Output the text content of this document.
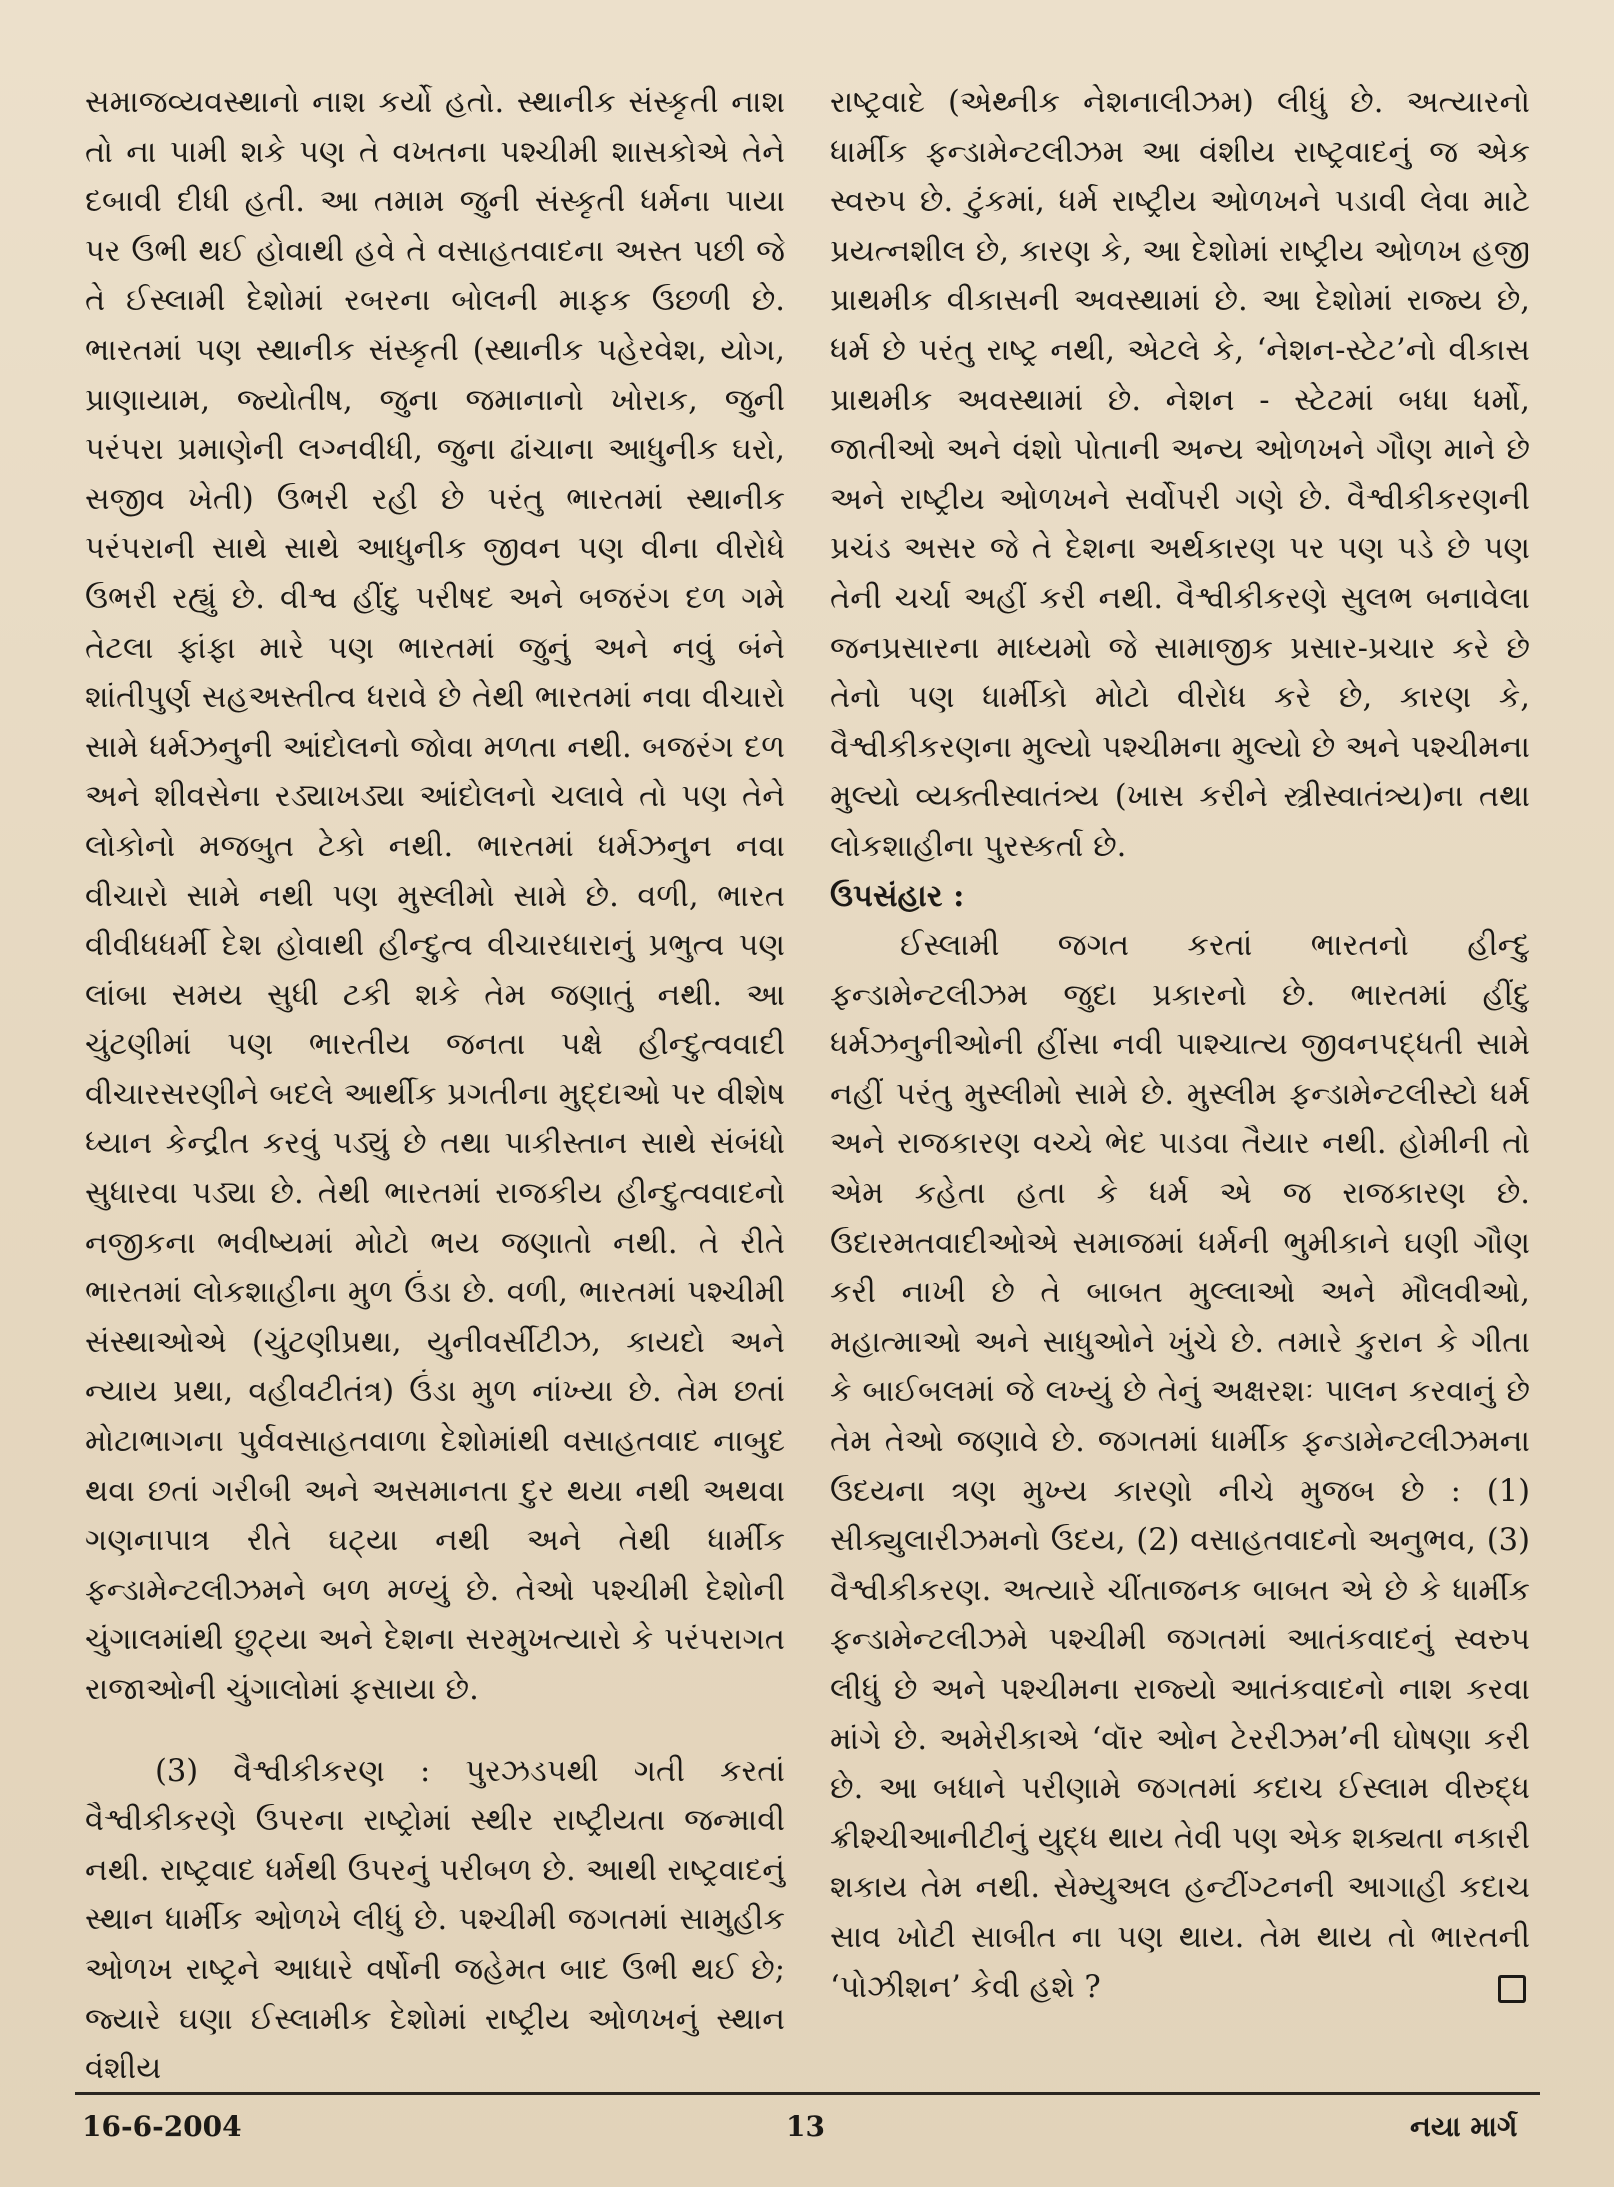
સમાજવ્યવસ્થાનો નાશ કર્યો હતો. સ્થાનીક સંસ્કૃતી નાશ તો ના પામી શકે પણ તે વખતના પશ્ચીમી શાસકોએ તેને દબાવી દીધી હતી. આ તમામ જુની સંસ્કૃતી ધર્મના પાયા પર ઉભી થઈ હોવાથી હવે તે વસાહતવાદના અસ્ત પછી જે તે ઈસ્લામી દેશોમાં રબરના બોલની માફક ઉછળી છે. ભારતમાં પણ સ્થાનીક સંસ્કૃતી (સ્થાનીક પહેરવેશ, યોગ, પ્રાણાયામ, જ્યોતીષ, જુના જમાનાનો ખોરાક, જુની પરંપરા પ્રમાણેની લગ્નવીધી, જુના ઢાંચાના આધુનીક ઘરો, સજીવ ખેતી) ઉભરી રહી છે પરંતુ ભારતમાં સ્થાનીક પરંપરાની સાથે સાથે આધુનીક જીવન પણ વીના વીરોધે ઉભરી રહ્યું છે. વીશ્વ હીંદુ પરીષદ અને બજરંગ દળ ગમે તેટલા ફાંફા મારે પણ ભારતમાં જુનું અને નવું બંને શાંતીપુર્ણ સહઅસ્તીત્વ ધરાવે છે તેથી ભારતમાં નવા વીચારો સામે ધર્મઝનુની આંદોલનો જોવા મળતા નથી. બજરંગ દળ અને શીવસેના રડ્યાખડ્યા આંદોલનો ચલાવે તો પણ તેને લોકોનો મજબુત ટેકો નથી. ભારતમાં ધર્મઝનુન નવા વીચારો સામે નથી પણ મુસ્લીમો સામે છે. વળી, ભારત વીવીધધર્મી દેશ હોવાથી હીન્દુત્વ વીચારધારાનું પ્રભુત્વ પણ લાંબા સમય સુધી ટકી શકે તેમ જણાતું નથી. આ ચુંટણીમાં પણ ભારતીય જનતા પક્ષે હીન્દુત્વવાદી વીચારસરણીને બદલે આર્થીક પ્રગતીના મુદ્દાઓ પર વીશેષ ધ્યાન કેન્દ્રીત કરવું પડ્યું છે તથા પાકીસ્તાન સાથે સંબંધો સુધારવા પડ્યા છે. તેથી ભારતમાં રાજકીય હીન્દુત્વવાદનો નજીકના ભવીષ્યમાં મોટો ભય જણાતો નથી. તે રીતે ભારતમાં લોકશાહીના મુળ ઉંડા છે. વળી, ભારતમાં પશ્ચીમી સંસ્થાઓએ (ચુંટણીપ્રથા, યુનીવર્સીટીઝ, કાયદો અને ન્યાય પ્રથા, વહીવટીતંત્ર) ઉંડા મુળ નાંખ્યા છે. તેમ છતાં મોટાભાગના પુર્વવસાહતવાળા દેશોમાંથી વસાહતવાદ નાબુદ થવા છતાં ગરીબી અને અસમાનતા દુર થયા નથી અથવા ગણનાપાત્ર રીતે ઘટ્યા નથી અને તેથી ધાર્મીક ફન્ડામેન્ટલીઝમને બળ મળ્યું છે. તેઓ પશ્ચીમી દેશોની ચુંગાલમાંથી છુટ્યા અને દેશના સરમુખત્યારો કે પરંપરાગત રાજાઓની ચુંગાલોમાં ફસાયા છે.

(3) વૈશ્વીકીકરણ : પુરઝડપથી ગતી કરતાં વૈશ્વીકીકરણે ઉપરના રાષ્ટ્રોમાં સ્થીર રાષ્ટ્રીયતા જન્માવી નથી. રાષ્ટ્રવાદ ધર્મથી ઉપરનું પરીબળ છે. આથી રાષ્ટ્રવાદનું સ્થાન ધાર્મીક ઓળખે લીધું છે. પશ્ચીમી જગતમાં સામુહીક ઓળખ રાષ્ટ્રને આધારે વર્ષોની જહેમત બાદ ઉભી થઈ છે; જ્યારે ઘણા ઈસ્લામીક દેશોમાં રાષ્ટ્રીય ઓળખનું સ્થાન વંશીય

રાષ્ટ્રવાદે (એથ્નીક નેશનાલીઝમ) લીધું છે. અત્યારનો ધાર્મીક ફન્ડામેન્ટલીઝમ આ વંશીય રાષ્ટ્રવાદનું જ એક સ્વરુપ છે. ટુંકમાં, ધર્મ રાષ્ટ્રીય ઓળખને પડાવી લેવા માટે પ્રયત્નશીલ છે, કારણ કે, આ દેશોમાં રાષ્ટ્રીય ઓળખ હજી પ્રાથમીક વીકાસની અવસ્થામાં છે. આ દેશોમાં રાજ્ય છે, ધર્મ છે પરંતુ રાષ્ટ્ર નથી, એટલે કે, ‘નેશન-સ્ટેટ’નો વીકાસ પ્રાથમીક અવસ્થામાં છે. નેશન - સ્ટેટમાં બધા ધર્મો, જાતીઓ અને વંશો પોતાની અન્ય ઓળખને ગૌણ માને છે અને રાષ્ટ્રીય ઓળખને સર્વોપરી ગણે છે. વૈશ્વીકીકરણની પ્રચંડ અસર જે તે દેશના અર્થકારણ પર પણ પડે છે પણ તેની ચર્ચા અહીં કરી નથી. વૈશ્વીકીકરણે સુલભ બનાવેલા જનપ્રસારના માધ્યમો જે સામાજીક પ્રસાર-પ્રચાર કરે છે તેનો પણ ધાર્મીકો મોટો વીરોધ કરે છે, કારણ કે, વૈશ્વીકીકરણના મુલ્યો પશ્ચીમના મુલ્યો છે અને પશ્ચીમના મુલ્યો વ્યક્તીસ્વાતંત્ર્ય (ખાસ કરીને સ્ત્રીસ્વાતંત્ર્ય)ના તથા લોકશાહીના પુરસ્કર્તા છે.

ઉપસંહાર :

ઈસ્લામી જગત કરતાં ભારતનો હીન્દુ ફન્ડામેન્ટલીઝમ જુદા પ્રકારનો છે. ભારતમાં હીંદુ ધર્મઝનુનીઓની હીંસા નવી પાશ્ચાત્ય જીવનપદ્ધતી સામે નહીં પરંતુ મુસ્લીમો સામે છે. મુસ્લીમ ફન્ડામેન્ટલીસ્ટો ધર્મ અને રાજકારણ વચ્ચે ભેદ પાડવા તૈયાર નથી. હોમીની તો એમ કહેતા હતા કે ધર્મ એ જ રાજકારણ છે. ઉદારમતવાદીઓએ સમાજમાં ધર્મની ભુમીકાને ઘણી ગૌણ કરી નાખી છે તે બાબત મુલ્લાઓ અને મૌલવીઓ, મહાત્માઓ અને સાધુઓને ખુંચે છે. તમારે કુરાન કે ગીતા કે બાઈબલમાં જે લખ્યું છે તેનું અક્ષરશઃ પાલન કરવાનું છે તેમ તેઓ જણાવે છે. જગતમાં ધાર્મીક ફન્ડામેન્ટલીઝમના ઉદયના ત્રણ મુખ્ય કારણો નીચે મુજબ છે : (1) સીક્યુલારીઝમનો ઉદય, (2) વસાહતવાદનો અનુભવ, (3) વૈશ્વીકીકરણ. અત્યારે ચીંતાજનક બાબત એ છે કે ધાર્મીક ફન્ડામેન્ટલીઝમે પશ્ચીમી જગતમાં આતંકવાદનું સ્વરુપ લીધું છે અને પશ્ચીમના રાજ્યો આતંકવાદનો નાશ કરવા માંગે છે. અમેરીકાએ ‘વૉર ઓન ટેરરીઝમ’ની ઘોષણા કરી છે. આ બધાને પરીણામે જગતમાં કદાચ ઈસ્લામ વીરુદ્ધ ક્રીશ્ચીઆનીટીનું યુદ્ધ થાય તેવી પણ એક શક્યતા નકારી શકાય તેમ નથી. સેમ્યુઅલ હન્ટીંગ્ટનની આગાહી કદાચ સાવ ખોટી સાબીત ના પણ થાય. તેમ થાય તો ભારતની ‘પોઝીશન’ કેવી હશે ?

16-6-2004	13	નયા માર્ગ
